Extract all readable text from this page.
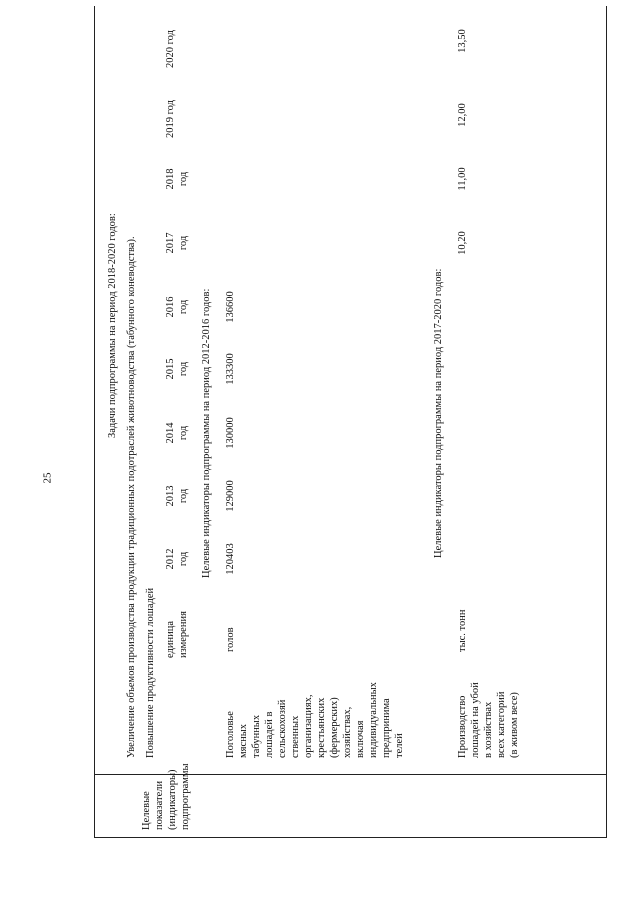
25
Целевые показатели (индикаторы) подпрограммы
Задачи подпрограммы на период 2018-2020 годов: Увеличение объемов производства продукции традиционных подотраслей животноводства (табунного коневодства). Повышение продуктивности лошадей единица измерения
2012 год
2013 год
2014 год
2015 год
2016 год
2017 год
2018 год
2019 год
2020 год
Целевые индикаторы подпрограммы на период 2012-2016 годов:
Поголовье мясных табунных лошадей в сельскохозяй ственных организациях, крестьянских (фермерских) хозяйствах, включая индивидуальных предпринима телей
голов
120403
129000
130000
133300
136600	Целевые индикаторы подпрограммы на период 2017-2020 годов:
Производство лошадей на убой в хозяйствах всех категорий (в живом весе)
тыс. тонн
10,20
11,00
12,00
13,50
